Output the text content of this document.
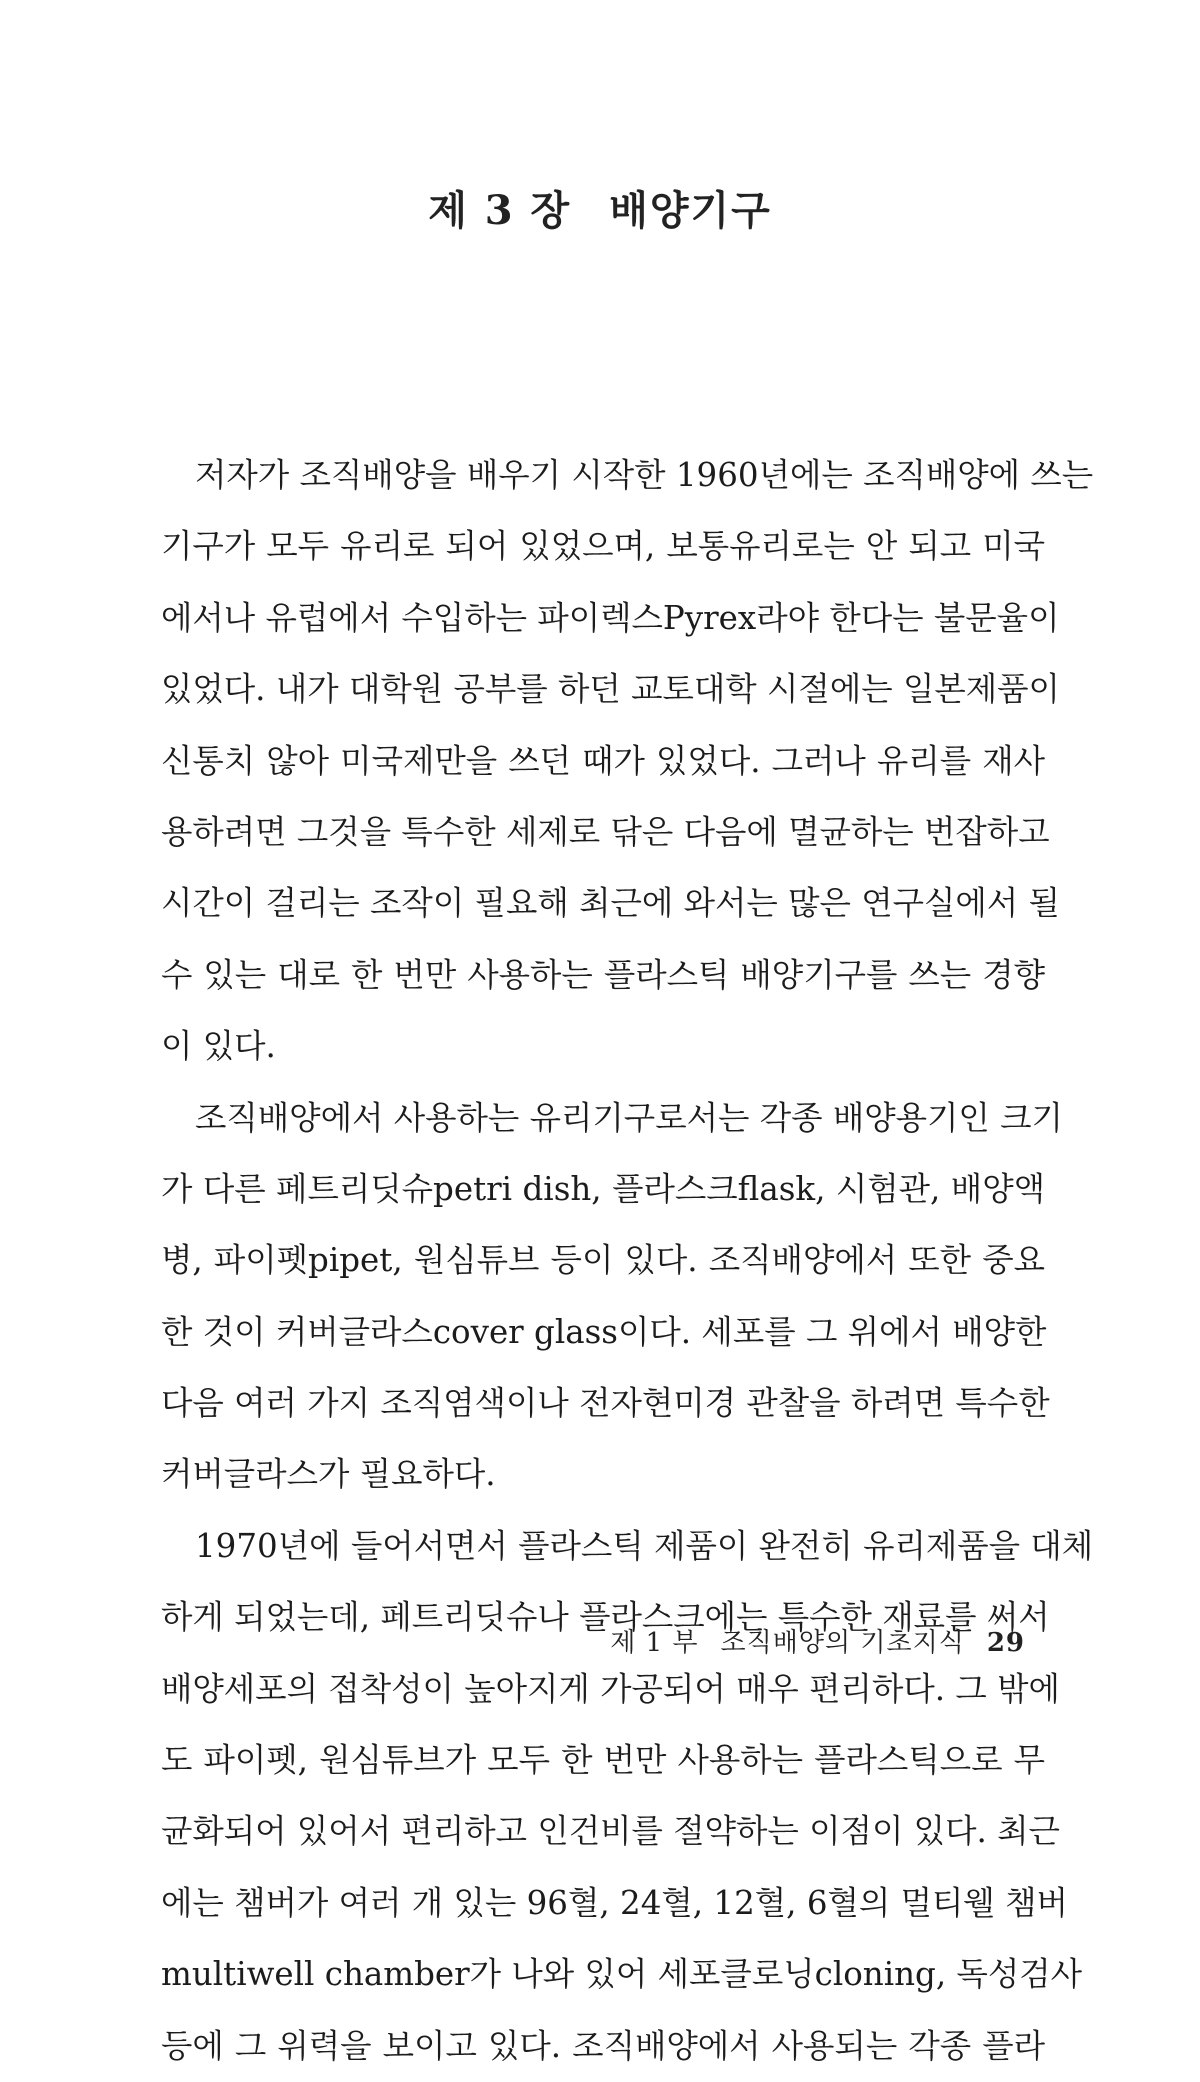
제 3 장 배양기구
저자가 조직배양을 배우기 시작한 1960년에는 조직배양에 쓰는
기구가 모두 유리로 되어 있었으며, 보통유리로는 안 되고 미국
에서나 유럽에서 수입하는 파이렉스Pyrex라야 한다는 불문율이
있었다. 내가 대학원 공부를 하던 교토대학 시절에는 일본제품이
신통치 않아 미국제만을 쓰던 때가 있었다. 그러나 유리를 재사
용하려면 그것을 특수한 세제로 닦은 다음에 멸균하는 번잡하고
시간이 걸리는 조작이 필요해 최근에 와서는 많은 연구실에서 될
수 있는 대로 한 번만 사용하는 플라스틱 배양기구를 쓰는 경향
이 있다.
조직배양에서 사용하는 유리기구로서는 각종 배양용기인 크기
가 다른 페트리딧슈petri dish, 플라스크flask, 시험관, 배양액
병, 파이펫pipet, 원심튜브 등이 있다. 조직배양에서 또한 중요
한 것이 커버글라스cover glass이다. 세포를 그 위에서 배양한
다음 여러 가지 조직염색이나 전자현미경 관찰을 하려면 특수한
커버글라스가 필요하다.
1970년에 들어서면서 플라스틱 제품이 완전히 유리제품을 대체
하게 되었는데, 페트리딧슈나 플라스크에는 특수한 재료를 써서
배양세포의 접착성이 높아지게 가공되어 매우 편리하다. 그 밖에
도 파이펫, 원심튜브가 모두 한 번만 사용하는 플라스틱으로 무
균화되어 있어서 편리하고 인건비를 절약하는 이점이 있다. 최근
에는 챔버가 여러 개 있는 96혈, 24혈, 12혈, 6혈의 멀티웰 챔버
multiwell chamber가 나와 있어 세포클로닝cloning, 독성검사
등에 그 위력을 보이고 있다. 조직배양에서 사용되는 각종 플라
제 1 부 조직배양의 기초지식 29
